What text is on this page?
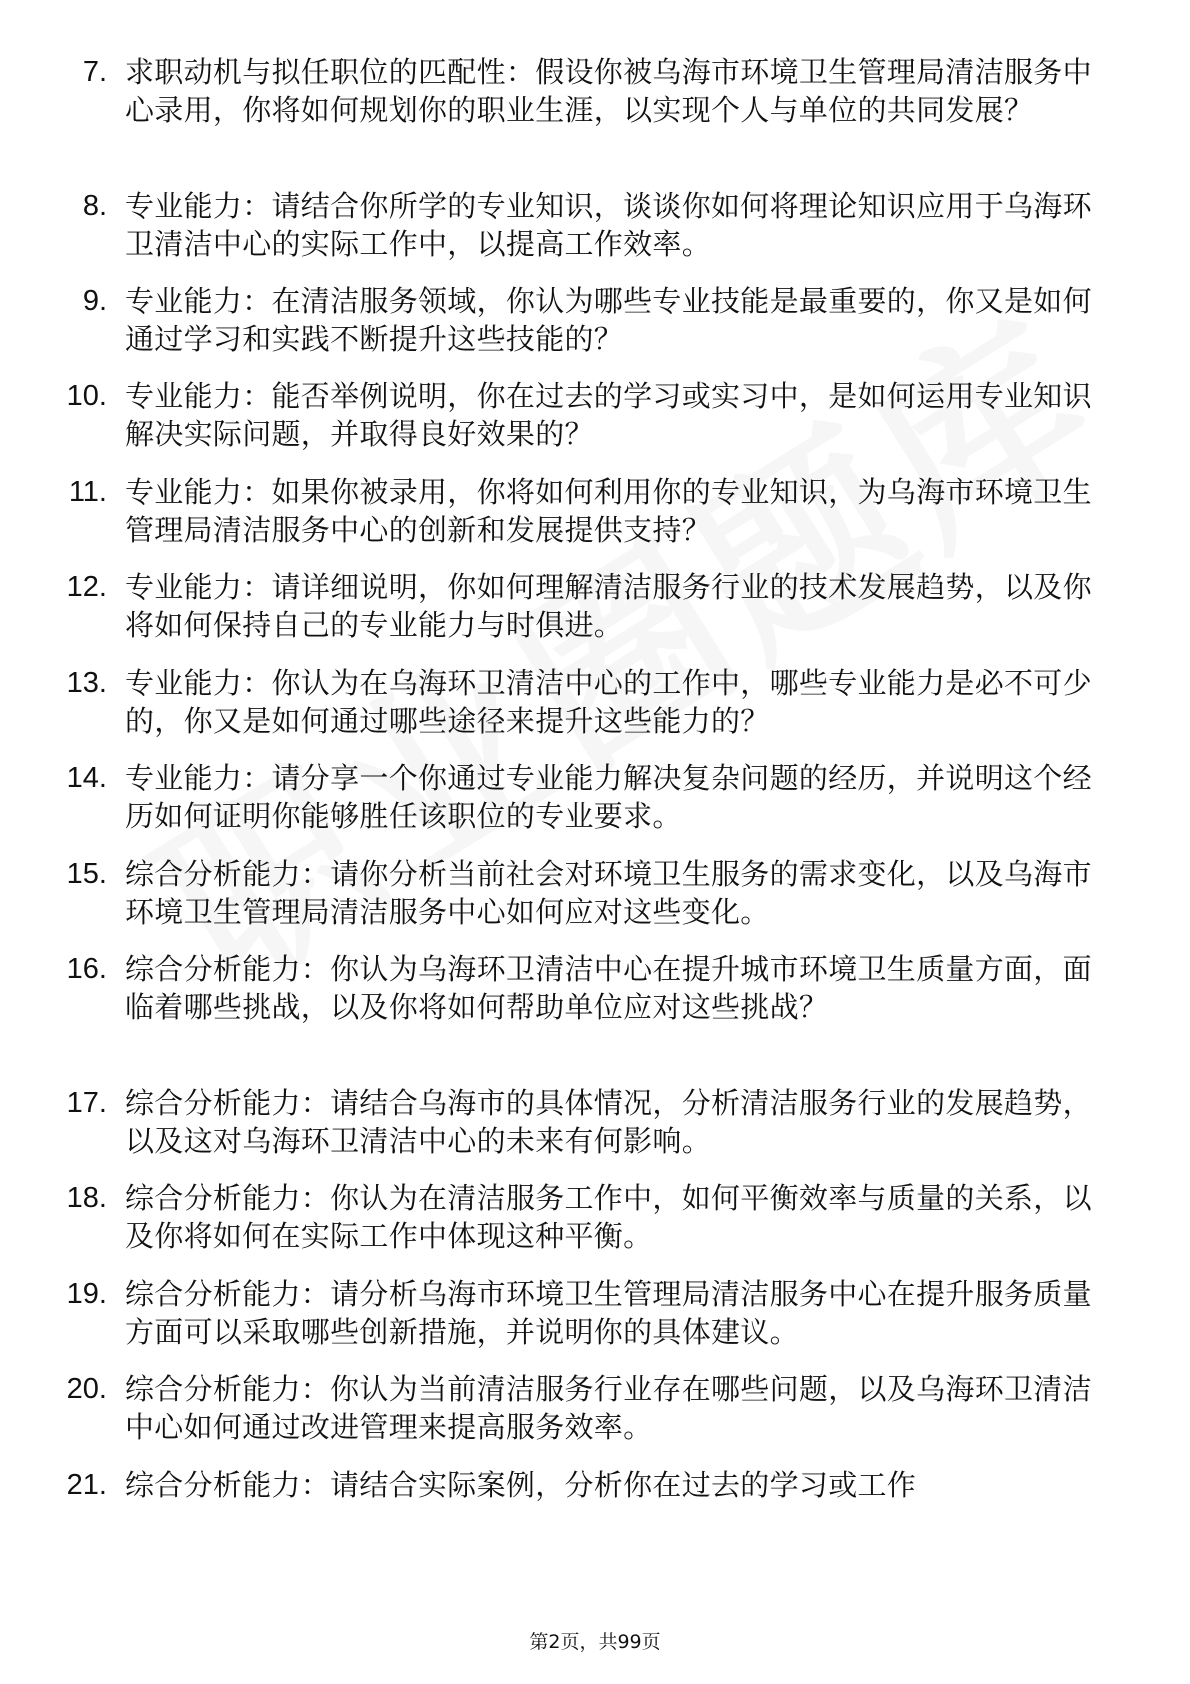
7. 求职动机与拟任职位的匹配性：假设你被乌海市环境卫生管理局清洁服务中心录用，你将如何规划你的职业生涯，以实现个人与单位的共同发展？
8. 专业能力：请结合你所学的专业知识，谈谈你如何将理论知识应用于乌海环卫清洁中心的实际工作中，以提高工作效率。
9. 专业能力：在清洁服务领域，你认为哪些专业技能是最重要的，你又是如何通过学习和实践不断提升这些技能的？
10. 专业能力：能否举例说明，你在过去的学习或实习中，是如何运用专业知识解决实际问题，并取得良好效果的？
11. 专业能力：如果你被录用，你将如何利用你的专业知识，为乌海市环境卫生管理局清洁服务中心的创新和发展提供支持？
12. 专业能力：请详细说明，你如何理解清洁服务行业的技术发展趋势，以及你将如何保持自己的专业能力与时俱进。
13. 专业能力：你认为在乌海环卫清洁中心的工作中，哪些专业能力是必不可少的，你又是如何通过哪些途径来提升这些能力的？
14. 专业能力：请分享一个你通过专业能力解决复杂问题的经历，并说明这个经历如何证明你能够胜任该职位的专业要求。
15. 综合分析能力：请你分析当前社会对环境卫生服务的需求变化，以及乌海市环境卫生管理局清洁服务中心如何应对这些变化。
16. 综合分析能力：你认为乌海环卫清洁中心在提升城市环境卫生质量方面，面临着哪些挑战，以及你将如何帮助单位应对这些挑战？
17. 综合分析能力：请结合乌海市的具体情况，分析清洁服务行业的发展趋势，以及这对乌海环卫清洁中心的未来有何影响。
18. 综合分析能力：你认为在清洁服务工作中，如何平衡效率与质量的关系，以及你将如何在实际工作中体现这种平衡。
19. 综合分析能力：请分析乌海市环境卫生管理局清洁服务中心在提升服务质量方面可以采取哪些创新措施，并说明你的具体建议。
20. 综合分析能力：你认为当前清洁服务行业存在哪些问题，以及乌海环卫清洁中心如何通过改进管理来提高服务效率。
21. 综合分析能力：请结合实际案例，分析你在过去的学习或工作
第2页，共99页
